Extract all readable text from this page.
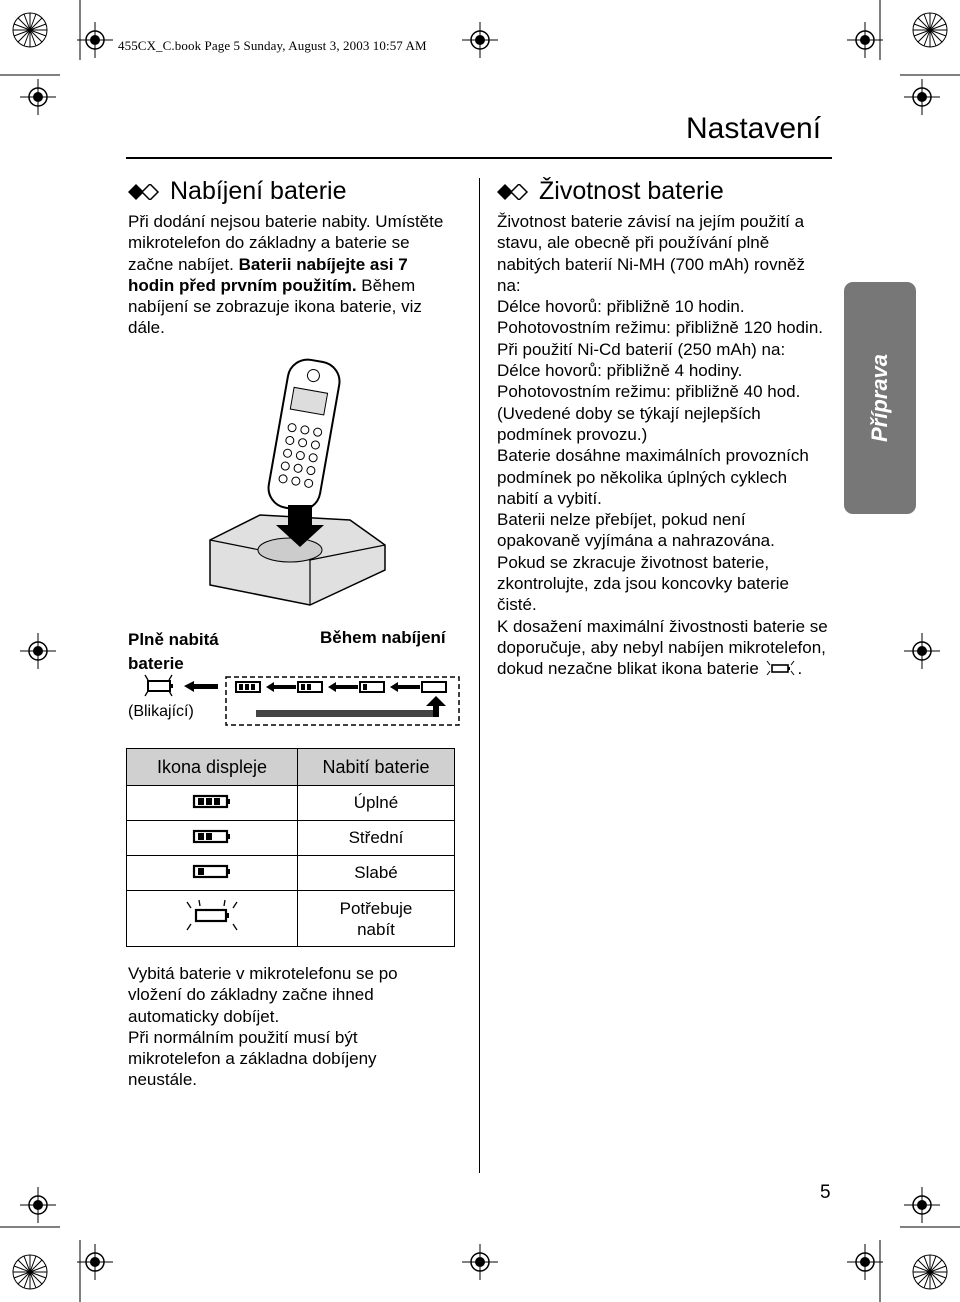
455CX_C.book Page 5 Sunday, August 3, 2003 10:57 AM
Nastavení
Nabíjení baterie
Při dodání nejsou baterie nabity. Umístěte mikrotelefon do základny a baterie se začne nabíjet. Baterii nabíjejte asi 7 hodin před prvním použitím. Během nabíjení se zobrazuje ikona baterie, viz dále.
Plně nabitá baterie
Během nabíjení
(Blikající)
Ikona displeje	Nabití baterie
	Úplné
	Střední
	Slabé
	Potřebuje nabít
Vybitá baterie v mikrotelefonu se po vložení do základny začne ihned automaticky dobíjet.
Při normálním použití musí být mikrotelefon a základna dobíjeny neustále.
Životnost baterie

Životnost baterie závisí na jejím použití a stavu, ale obecně při používání plně nabitých baterií Ni-MH (700 mAh) rovněž na:

Délce hovorů: přibližně 10 hodin.

Pohotovostním režimu: přibližně 120 hodin.

Při použití Ni-Cd baterií (250 mAh) na:

Délce hovorů: přibližně 4 hodiny.

Pohotovostním režimu: přibližně 40 hod.

(Uvedené doby se týkají nejlepších podmínek provozu.)

Baterie dosáhne maximálních provozních podmínek po několika úplných cyklech nabití a vybití.

Baterii nelze přebíjet, pokud není opakovaně vyjímána a nahrazována.

Pokud se zkracuje životnost baterie, zkontrolujte, zda jsou koncovky baterie čisté.

K dosažení maximální živostnosti baterie se doporučuje, aby nebyl nabíjen mikrotelefon, dokud nezačne blikat ikona baterie .

Příprava
5
